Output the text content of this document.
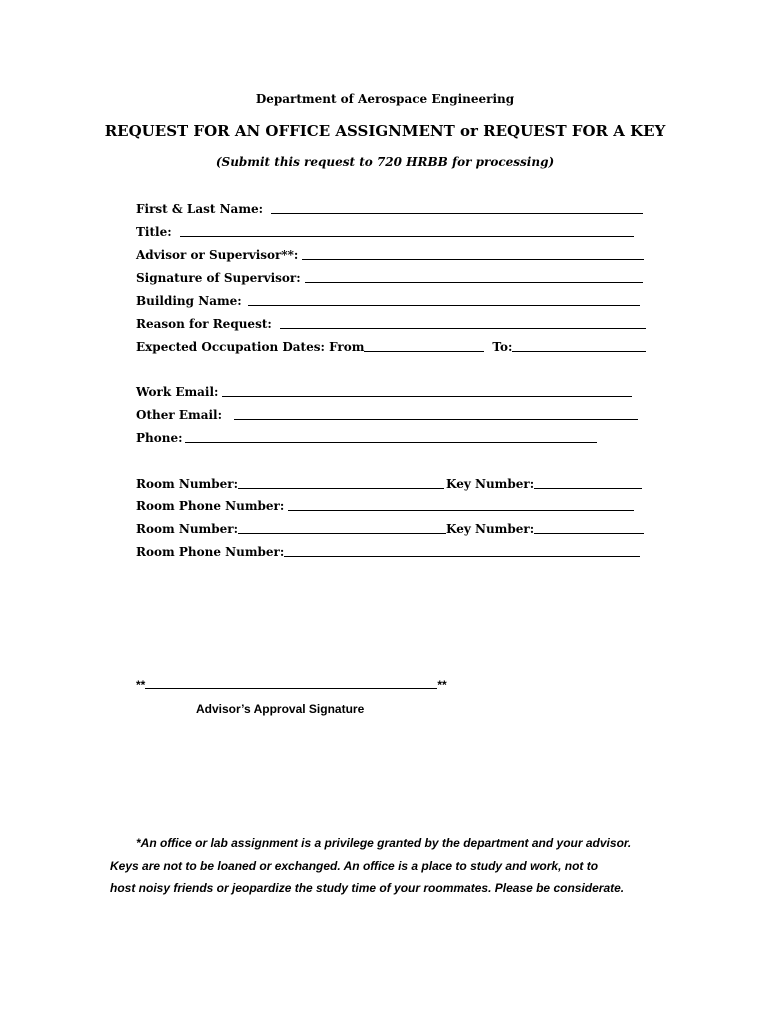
Department of Aerospace Engineering
REQUEST FOR AN OFFICE ASSIGNMENT or REQUEST FOR A KEY
(Submit this request to 720 HRBB for processing)
First & Last Name:
Title:
Advisor or Supervisor**:
Signature of Supervisor:
Building Name:
Reason for Request:
Expected Occupation Dates: From	To:
Work Email:
Other Email:
Phone:
Room Number:	Key Number:
Room Phone Number:
Room Number:	Key Number:
Room Phone Number:
**	**
Advisor’s Approval Signature
*An office or lab assignment is a privilege granted by the department and your advisor.
Keys are not to be loaned or exchanged. An office is a place to study and work, not to
host noisy friends or jeopardize the study time of your roommates. Please be considerate.
